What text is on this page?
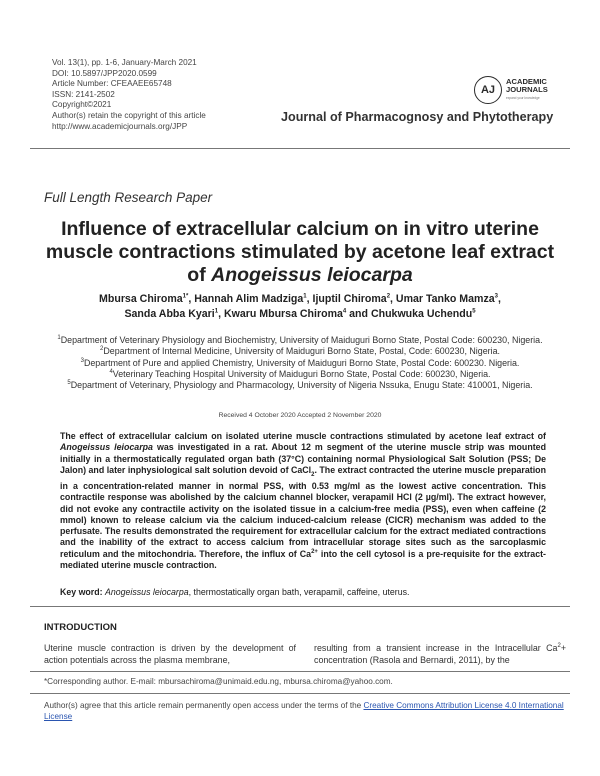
Vol. 13(1), pp. 1-6, January-March 2021
DOI: 10.5897/JPP2020.0599
Article Number: CFEAAEE65748
ISSN: 2141-2502
Copyright©2021
Author(s) retain the copyright of this article
http://www.academicjournals.org/JPP
AJ
ACADEMIC
JOURNALS
expand your knowledge
Journal of Pharmacognosy and Phytotherapy
Full Length Research Paper
Influence of extracellular calcium on in vitro uterine
muscle contractions stimulated by acetone leaf extract
of Anogeissus leiocarpa
Mbursa Chiroma$^{1*}$, Hannah Alim Madziga$^1$, Ijuptil Chiroma$^2$, Umar Tanko Mamza$^3$,
Sanda Abba Kyari$^1$, Kwaru Mbursa Chiroma$^4$ and Chukwuka Uchendu$^5$
$^1$Department of Veterinary Physiology and Biochemistry, University of Maiduguri Borno State, Postal Code: 600230, Nigeria.
$^2$Department of Internal Medicine, University of Maiduguri Borno State, Postal, Code: 600230, Nigeria.
$^3$Department of Pure and applied Chemistry, University of Maiduguri Borno State, Postal Code: 600230. Nigeria.
$^4$Veterinary Teaching Hospital University of Maiduguri Borno State, Postal Code: 600230, Nigeria.
$^5$Department of Veterinary, Physiology and Pharmacology, University of Nigeria Nssuka, Enugu State: 410001, Nigeria.
Received 4 October 2020 Accepted 2 November 2020
The effect of extracellular calcium on isolated uterine muscle contractions stimulated by acetone leaf extract of Anogeissus leiocarpa was investigated in a rat. About 12 m segment of the uterine muscle strip was mounted initially in a thermostatically regulated organ bath (37°C) containing normal Physiological Salt Solution (PSS; De Jalon) and later inphysiological salt solution devoid of CaCl$_2$. The extract contracted the uterine muscle preparation in a concentration-related manner in normal PSS, with 0.53 mg/ml as the lowest active concentration. This contractile response was abolished by the calcium channel blocker, verapamil HCl (2 µg/ml). The extract however, did not evoke any contractile activity on the isolated tissue in a calcium-free media (PSS), even when caffeine (2 mmol) known to release calcium via the calcium induced-calcium release (CICR) mechanism was added to the perfusate. The results demonstrated the requirement for extracellular calcium for the extract mediated contractions and the inability of the extract to access calcium from intracellular storage sites such as the sarcoplasmic reticulum and the mitochondria. Therefore, the influx of $Ca^{2+}$ into the cell cytosol is a pre-requisite for the extract-mediated uterine muscle contraction.
Key word: Anogeissus leiocarpa, thermostatically organ bath, verapamil, caffeine, uterus.
INTRODUCTION
Uterine muscle contraction is driven by the development of action potentials across the plasma membrane,
resulting from a transient increase in the Intracellular $Ca^2+$ concentration (Rasola and Bernardi, 2011), by the
*Corresponding author. E-mail: mbursachiroma@unimaid.edu.ng, mbursa.chiroma@yahoo.com.
Author(s) agree that this article remain permanently open access under the terms of the Creative Commons Attribution License 4.0 International License
